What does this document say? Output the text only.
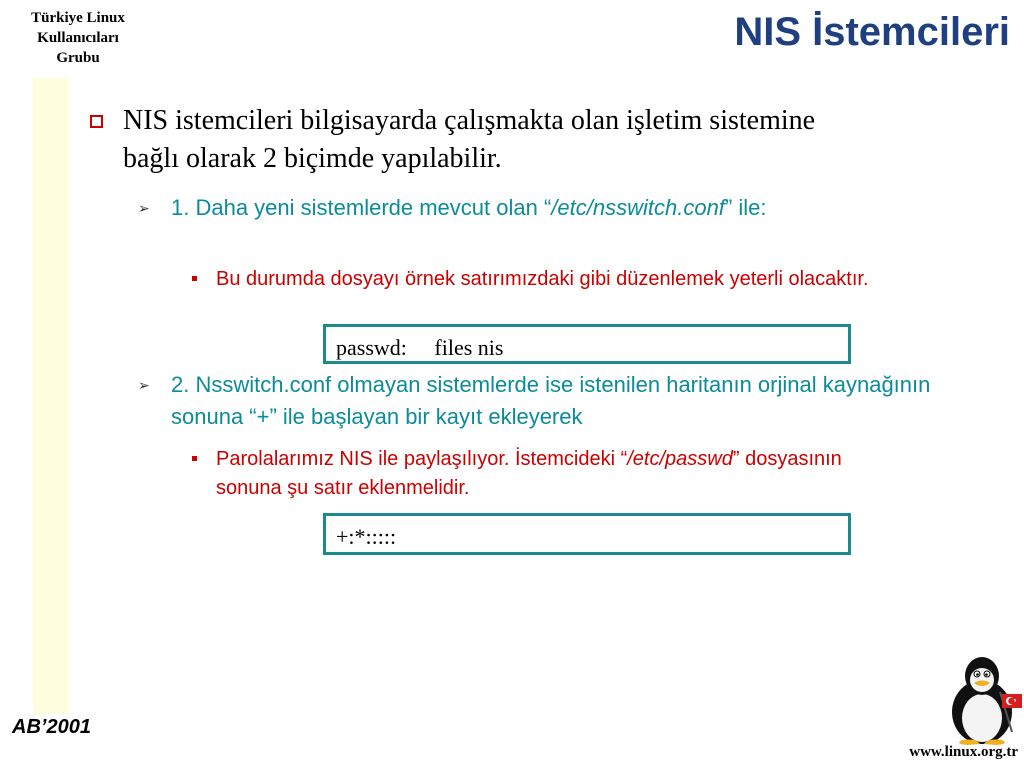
Türkiye Linux
Kullanıcıları
Grubu
NIS İstemcileri
NIS istemcileri bilgisayarda çalışmakta olan işletim sistemine bağlı olarak 2 biçimde yapılabilir.
➢ 1. Daha yeni sistemlerde mevcut olan “/etc/nsswitch.conf” ile:
Bu durumda dosyayı örnek satırımızdaki gibi düzenlemek yeterli olacaktır.
passwd:     files nis
➢ 2. Nsswitch.conf olmayan sistemlerde ise istenilen haritanın orjinal kaynağının sonuna “+” ile başlayan bir kayıt ekleyerek
Parolalarımız NIS ile paylaşılıyor. İstemcideki “/etc/passwd” dosyasının sonuna şu satır eklenmelidir.
+:*:::::
AB’2001
www.linux.org.tr
